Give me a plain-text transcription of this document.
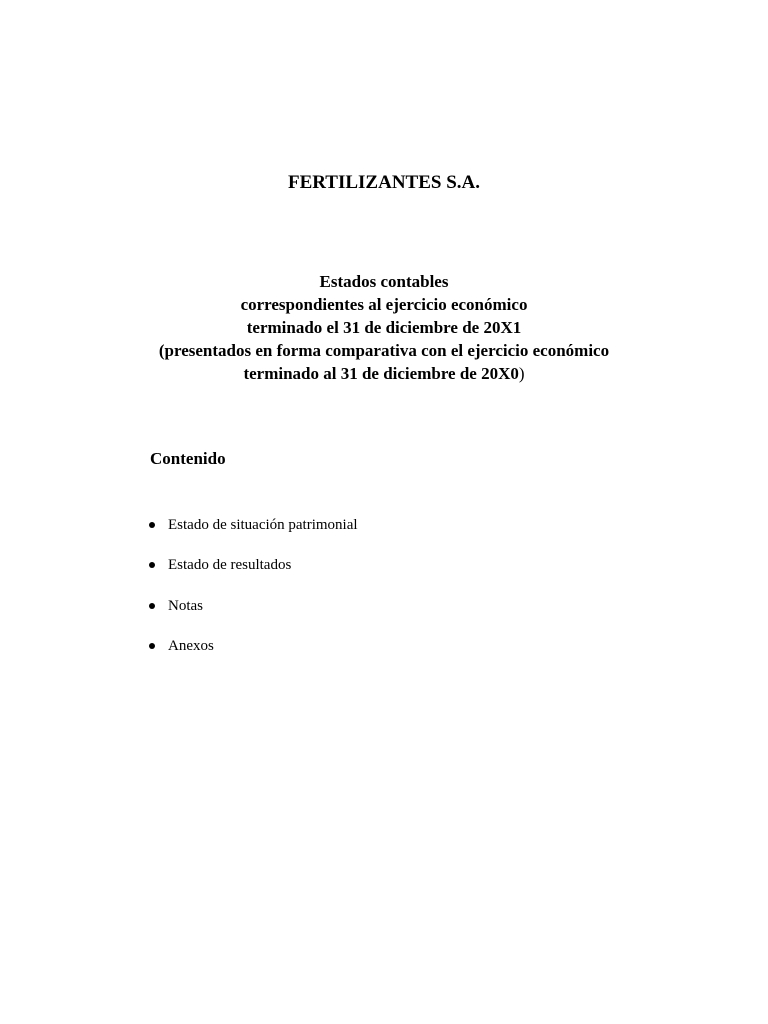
FERTILIZANTES S.A.
Estados contables
correspondientes al ejercicio económico
terminado el 31 de diciembre de 20X1
(presentados en forma comparativa con el ejercicio económico
terminado al 31 de diciembre de 20X0)
Contenido
Estado de situación patrimonial
Estado de resultados
Notas
Anexos
